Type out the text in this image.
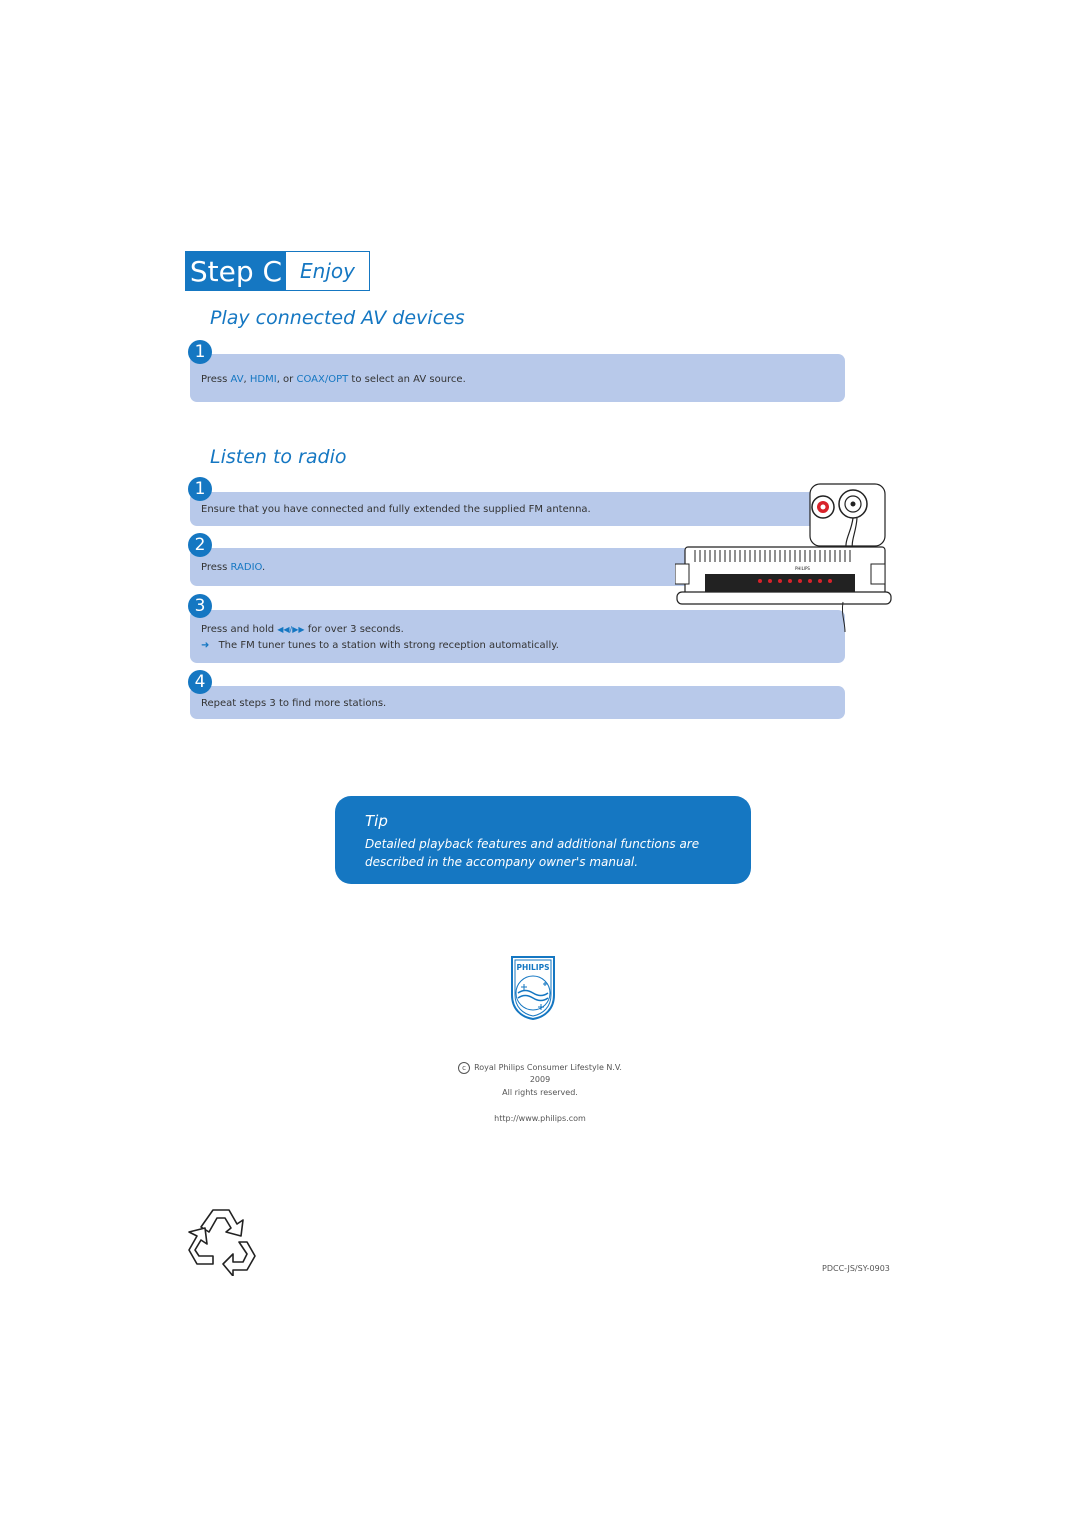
Step C Enjoy
Play connected AV devices
Press AV, HDMI, or COAX/OPT to select an AV source.
1
Listen to radio
Ensure that you have connected and fully extended the supplied FM antenna.
1
Press RADIO.
2
Press and hold ◀◀/▶▶ for over 3 seconds.
➜ The FM tuner tunes to a station with strong reception automatically.
3
Repeat steps 3 to find more stations.
4
PHILIPS
Tip
Detailed playback features and additional functions are described in the accompany owner's manual.
PHILIPS
c Royal Philips Consumer Lifestyle N.V.
2009
All rights reserved.
http://www.philips.com
PDCC-JS/SY-0903
